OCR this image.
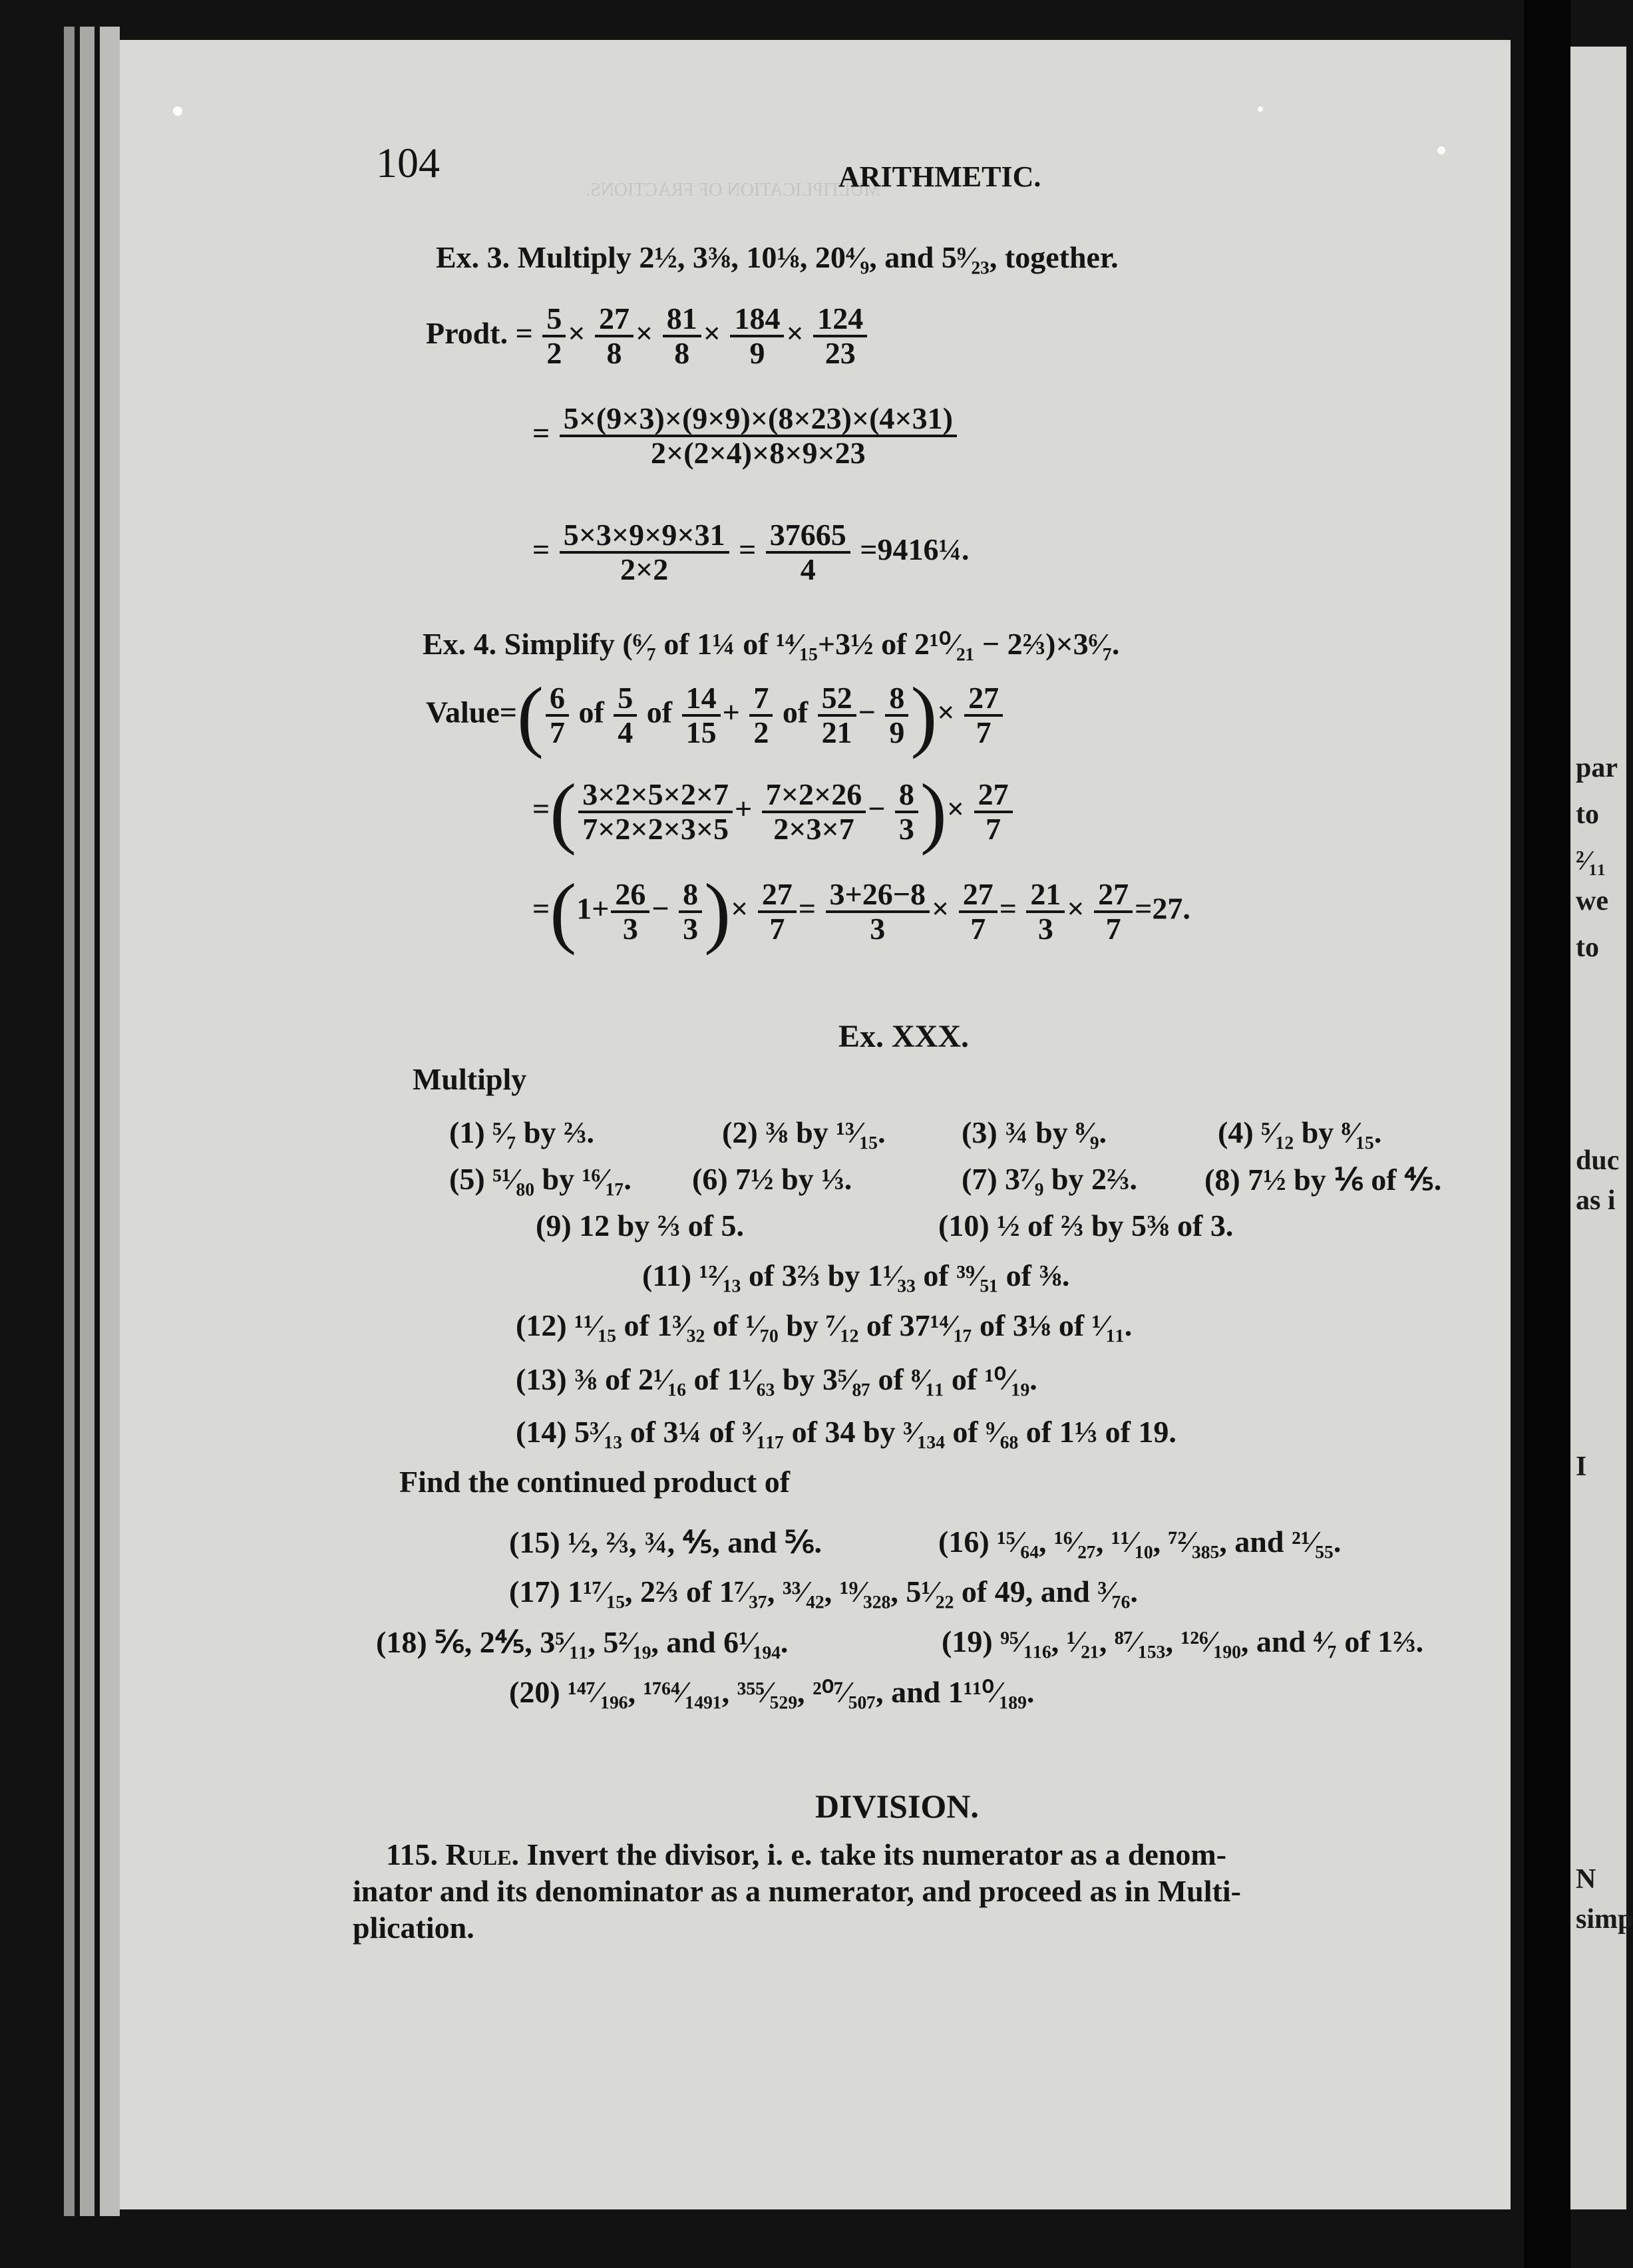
MULTIPLICATION OF FRACTIONS.
104	ARITHMETIC.
Ex. 3. Multiply 2½, 3⅜, 10⅛, 20⁴⁄₉, and 5⁹⁄₂₃, together.
Prodt. = $\frac{5}{2} \times \frac{27}{8} \times \frac{81}{8} \times \frac{184}{9} \times \frac{124}{23}$
= $\frac{5\times(9\times 3)\times(9\times 9)\times(8\times 23)\times(4\times 31)}{2\times(2\times 4)\times 8\times 9\times 23}$
= $\frac{5\times 3\times 9\times 9\times 31}{2\times 2} = \frac{37665}{4}$ =9416¼.
Ex. 4. Simplify (⁶⁄₇ of 1¼ of ¹⁴⁄₁₅+3½ of 2¹⁰⁄₂₁ − 2⅔)×3⁶⁄₇.
Value=( $\frac{6}{7}$ of $\frac{5}{4}$ of $\frac{14}{15} + \frac{7}{2}$ of $\frac{52}{21} - \frac{8}{9}$ )× $\frac{27}{7}$
=( $\frac{3\times 2\times 5\times 2\times 7}{7\times 2\times 2\times 3\times 5} + \frac{7\times 2\times 26}{2\times 3\times 7} - \frac{8}{3}$ )× $\frac{27}{7}$
$=(1+ \frac{26}{3} - \frac{8}{3}$ )× $\frac{27}{7} = \frac{3+26-8}{3} \times \frac{27}{7} = \frac{21}{3} \times \frac{27}{7} =27$.
Ex. XXX.
Multiply
(1) ⁵⁄₇ by ⅔.	(2) ⅜ by ¹³⁄₁₅. (3) ¾ by ⁸⁄₉.	(4) ⁵⁄₁₂ by ⁸⁄₁₅.
(5) ⁵¹⁄₈₀ by ¹⁶⁄₁₇. (6) 7½ by ⅓.	(7) 3⁷⁄₉ by 2⅔. (8) 7½ by ⅙ of ⅘.
(9) 12 by ⅔ of 5.	(10) ½ of ⅔ by 5⅜ of 3.
(11) ¹²⁄₁₃ of 3⅔ by 1¹⁄₃₃ of ³⁹⁄₅₁ of ⅜.
(12) ¹¹⁄₁₅ of 1³⁄₃₂ of ¹⁄₇₀ by ⁷⁄₁₂ of 37¹⁴⁄₁₇ of 3⅛ of ¹⁄₁₁.
(13) ⅜ of 2¹⁄₁₆ of 1¹⁄₆₃ by 3⁵⁄₈₇ of ⁸⁄₁₁ of ¹⁰⁄₁₉.
(14) 5³⁄₁₃ of 3¼ of ³⁄₁₁₇ of 34 by ³⁄₁₃₄ of ⁹⁄₆₈ of 1⅓ of 19.
Find the continued product of
(15) ½, ⅔, ¾, ⅘, and ⅚.	(16) ¹⁵⁄₆₄, ¹⁶⁄₂₇, ¹¹⁄₁₀, ⁷²⁄₃₈₅, and ²¹⁄₅₅.
(17) 1¹⁷⁄₁₅, 2⅔ of 1⁷⁄₃₇, ³³⁄₄₂, ¹⁹⁄₃₂₈, 5¹⁄₂₂ of 49, and ³⁄₇₆.
(18) ⅚, 2⅘, 3⁵⁄₁₁, 5²⁄₁₉, and 6¹⁄₁₉₄.	(19) ⁹⁵⁄₁₁₆, ¹⁄₂₁, ⁸⁷⁄₁₅₃, ¹²⁶⁄₁₉₀, and ⁴⁄₇ of 1⅔.
(20) ¹⁴⁷⁄₁₉₆, ¹⁷⁶⁴⁄₁₄₉₁, ³⁵⁵⁄₅₂₉, ²⁰⁷⁄₅₀₇, and 1¹¹⁰⁄₁₈₉.
DIVISION.
115. Rule. Invert the divisor, i. e. take its numerator as a denom-
inator and its denominator as a numerator, and proceed as in Multi-
plication.
par
to
²⁄₁₁
we
to
duc
as i
I
N
simp
